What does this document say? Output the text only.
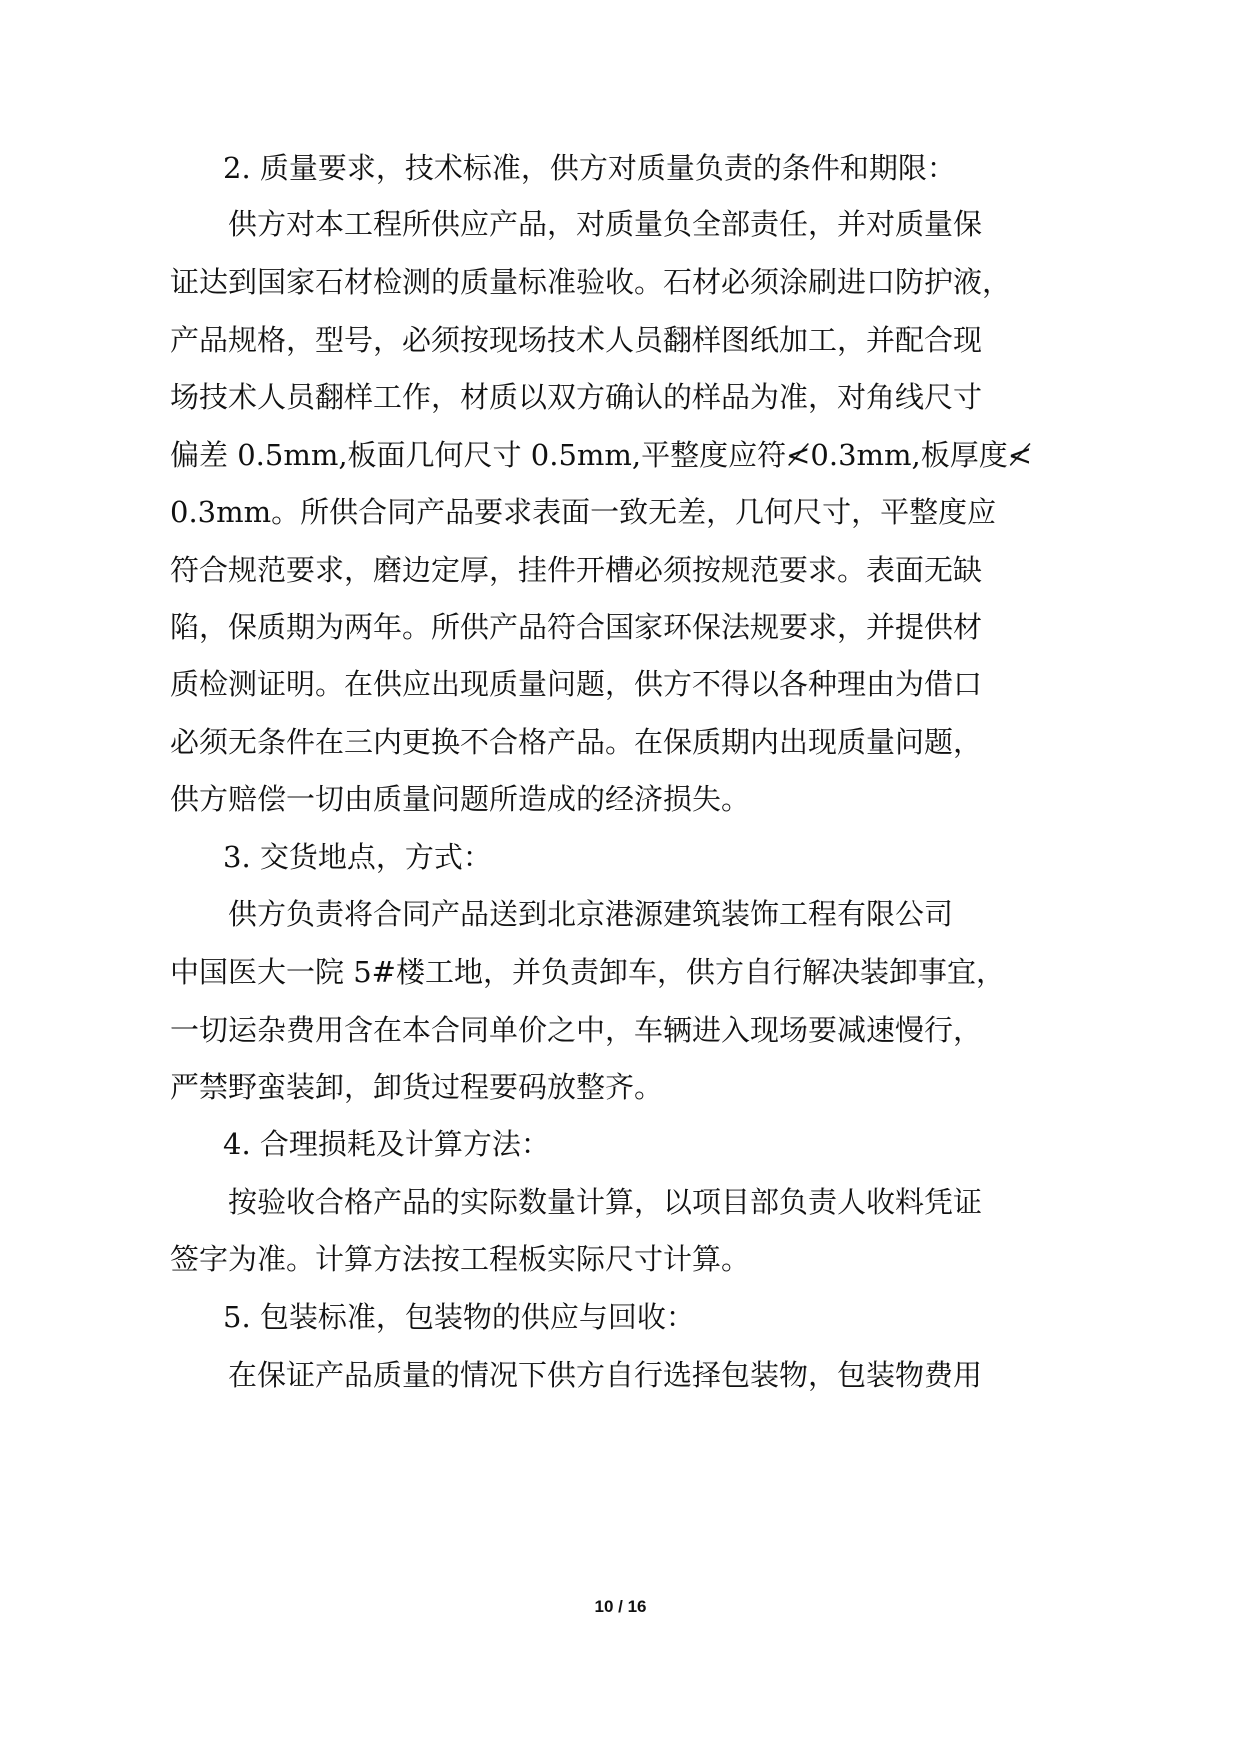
2. 质量要求，技术标准，供方对质量负责的条件和期限：
供方对本工程所供应产品，对质量负全部责任，并对质量保
证达到国家石材检测的质量标准验收。石材必须涂刷进口防护液，
产品规格，型号，必须按现场技术人员翻样图纸加工，并配合现
场技术人员翻样工作，材质以双方确认的样品为准，对角线尺寸
偏差 0.5mm,板面几何尺寸 0.5mm,平整度应符≮0.3mm,板厚度≮
0.3mm。所供合同产品要求表面一致无差，几何尺寸，平整度应
符合规范要求，磨边定厚，挂件开槽必须按规范要求。表面无缺
陷，保质期为两年。所供产品符合国家环保法规要求，并提供材
质检测证明。在供应出现质量问题，供方不得以各种理由为借口
必须无条件在三内更换不合格产品。在保质期内出现质量问题，
供方赔偿一切由质量问题所造成的经济损失。
3. 交货地点，方式：
供方负责将合同产品送到北京港源建筑装饰工程有限公司
中国医大一院 5#楼工地，并负责卸车，供方自行解决装卸事宜，
一切运杂费用含在本合同单价之中，车辆进入现场要减速慢行，
严禁野蛮装卸，卸货过程要码放整齐。
4. 合理损耗及计算方法：
按验收合格产品的实际数量计算，以项目部负责人收料凭证
签字为准。计算方法按工程板实际尺寸计算。
5. 包装标准，包装物的供应与回收：
在保证产品质量的情况下供方自行选择包装物，包装物费用
10 / 16
